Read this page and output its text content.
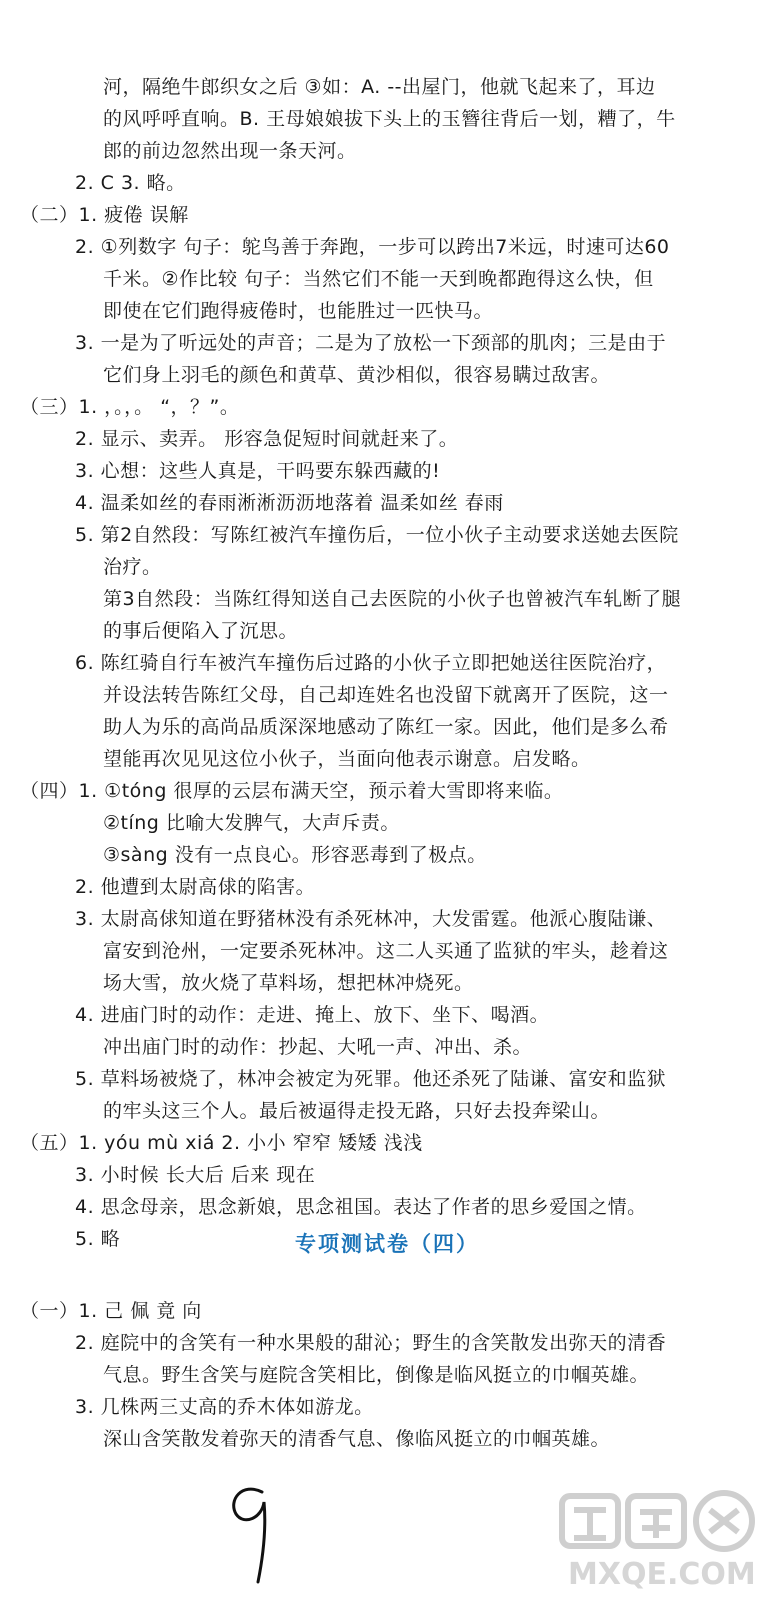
河，隔绝牛郎织女之后 ③如：A. --出屋门，他就飞起来了，耳边
的风呼呼直响。B. 王母娘娘拔下头上的玉簪往背后一划，糟了，牛
郎的前边忽然出现一条天河。
2. C 3. 略。
（二）1. 疲倦 误解
2. ①列数字 句子：鸵鸟善于奔跑，一步可以跨出7米远，时速可达60
千米。②作比较 句子：当然它们不能一天到晚都跑得这么快，但
即使在它们跑得疲倦时，也能胜过一匹快马。
3. 一是为了听远处的声音；二是为了放松一下颈部的肌肉；三是由于
它们身上羽毛的颜色和黄草、黄沙相似，很容易瞒过敌害。
（三）1. ，。，。 “，？”。
2. 显示、卖弄。 形容急促短时间就赶来了。
3. 心想：这些人真是，干吗要东躲西藏的!
4. 温柔如丝的春雨淅淅沥沥地落着 温柔如丝 春雨
5. 第2自然段：写陈红被汽车撞伤后，一位小伙子主动要求送她去医院
治疗。
第3自然段：当陈红得知送自己去医院的小伙子也曾被汽车轧断了腿
的事后便陷入了沉思。
6. 陈红骑自行车被汽车撞伤后过路的小伙子立即把她送往医院治疗，
并设法转告陈红父母，自己却连姓名也没留下就离开了医院，这一
助人为乐的高尚品质深深地感动了陈红一家。因此，他们是多么希
望能再次见见这位小伙子，当面向他表示谢意。启发略。
（四）1. ①tóng 很厚的云层布满天空，预示着大雪即将来临。
②tíng 比喻大发脾气，大声斥责。
③sàng 没有一点良心。形容恶毒到了极点。
2. 他遭到太尉高俅的陷害。
3. 太尉高俅知道在野猪林没有杀死林冲，大发雷霆。他派心腹陆谦、
富安到沧州，一定要杀死林冲。这二人买通了监狱的牢头，趁着这
场大雪，放火烧了草料场，想把林冲烧死。
4. 进庙门时的动作：走进、掩上、放下、坐下、喝酒。
冲出庙门时的动作：抄起、大吼一声、冲出、杀。
5. 草料场被烧了，林冲会被定为死罪。他还杀死了陆谦、富安和监狱
的牢头这三个人。最后被逼得走投无路，只好去投奔梁山。
（五）1. yóu mù xiá 2. 小小 窄窄 矮矮 浅浅
3. 小时候 长大后 后来 现在
4. 思念母亲，思念新娘，思念祖国。表达了作者的思乡爱国之情。
5. 略
（一）1. 己 佩 竟 向
2. 庭院中的含笑有一种水果般的甜沁；野生的含笑散发出弥天的清香
气息。野生含笑与庭院含笑相比，倒像是临风挺立的巾帼英雄。
3. 几株两三丈高的乔木体如游龙。
深山含笑散发着弥天的清香气息、像临风挺立的巾帼英雄。
专项测试卷（四）
MXQE.COM
